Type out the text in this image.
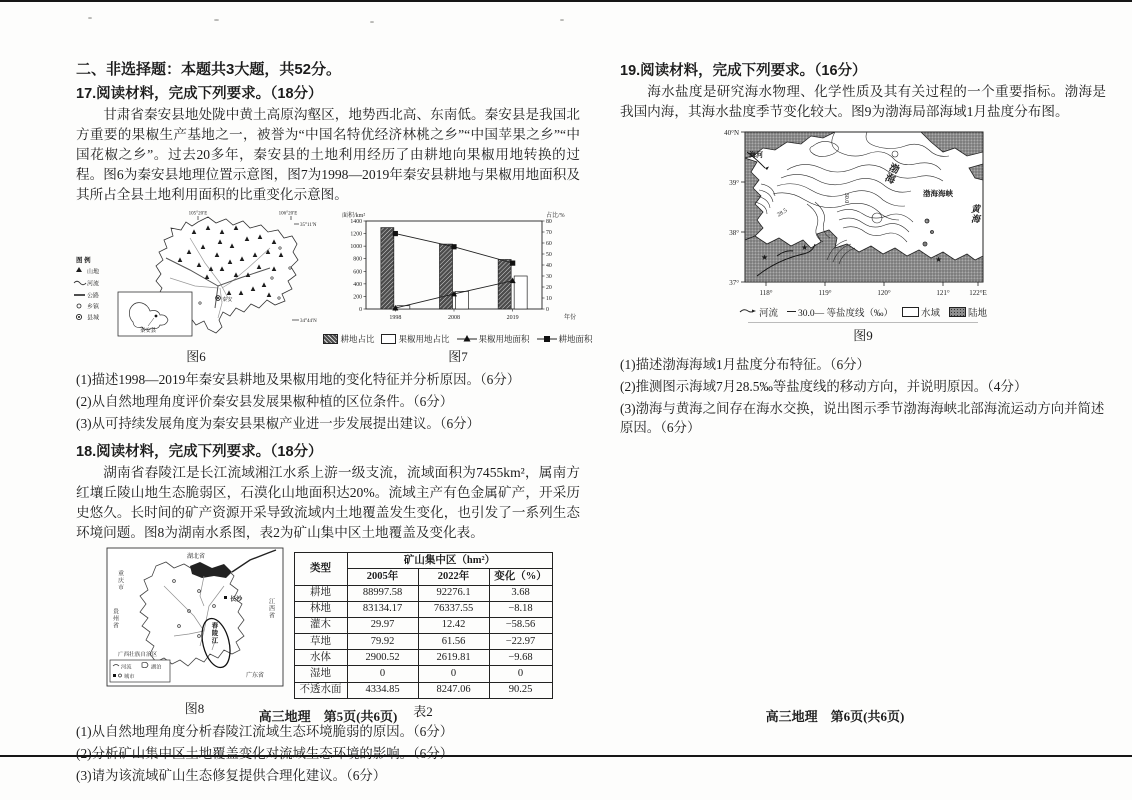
二、非选择题：本题共3大题，共52分。
17.阅读材料，完成下列要求。（18分）

甘肃省秦安县地处陇中黄土高原沟壑区，地势西北高、东南低。秦安县是我国北方重要的果椒生产基地之一，被誉为“中国名特优经济林桃之乡”“中国苹果之乡”“中国花椒之乡”。过去20多年，秦安县的土地利用经历了由耕地向果椒用地转换的过程。图6为秦安县地理位置示意图，图7为1998—2019年秦安县耕地与果椒用地面积及其所占全县土地利用面积的比重变化示意图。

图 例
山地
河流
公路
乡镇
县城
秦安
秦安县
105°20′E	106°20′E
35°11′N
34°44′N
图6
面积/km²	占比/%
年份
0
200
400
600
800
1000
1200
1400
0
10
20
30
40
50
60
70
80
1998	2008	2019
耕地占比	果椒用地占比	果椒用地面积	耕地面积
图7

(1)描述1998—2019年秦安县耕地及果椒用地的变化特征并分析原因。（6分）

(2)从自然地理角度评价秦安县发展果椒种植的区位条件。（6分）

(3)从可持续发展角度为秦安县果椒产业进一步发展提出建议。（6分）

18.阅读材料，完成下列要求。（18分）

湖南省舂陵江是长江流域湘江水系上游一级支流，流域面积为7455km²，属南方红壤丘陵山地生态脆弱区，石漠化山地面积达20%。流域主产有色金属矿产，开采历史悠久。长时间的矿产资源开采导致流域内土地覆盖发生变化，也引发了一系列生态环境问题。图8为湖南水系图，表2为矿山集中区土地覆盖及变化表。

长沙
湖北省
广西壮族自治区
广东省
河流	湖泊
城市
重庆市
贵州省	江西省
舂陵江
图8
类型	矿山集中区（hm²）		
	2005年	2022年	变化（%）
耕地	88997.58	92276.1	3.68
林地	83134.17	76337.55	−8.18
灌木	29.97	12.42	−58.56
草地	79.92	61.56	−22.97
水体	2900.52	2619.81	−9.68
湿地	0	0	0
不透水面	4334.85	8247.06	90.25
表2

(1)从自然地理角度分析舂陵江流域生态环境脆弱的原因。（6分）

(2)分析矿山集中区土地覆盖变化对流域生态环境的影响。（6分）

(3)请为该流域矿山生态修复提供合理化建议。（6分）

19.阅读材料，完成下列要求。（16分）

海水盐度是研究海水物理、化学性质及其有关过程的一个重要指标。渤海是我国内海，其海水盐度季节变化较大。图9为渤海局部海域1月盐度分布图。

30.0
28.5
★
★
★
40°N
39°
38°
37°
118°	119°	120°	121°	122°E
海河
渤海
渤海海峡
黄海
河流 30.0— 等盐度线（‰）	水域	陆地
图9

(1)描述渤海海域1月盐度分布特征。（6分）

(2)推测图示海域7月28.5‰等盐度线的移动方向，并说明原因。（4分）

(3)渤海与黄海之间存在海水交换，说出图示季节渤海海峡北部海流运动方向并简述原因。（6分）

高三地理　第5页(共6页)	高三地理　第6页(共6页)
